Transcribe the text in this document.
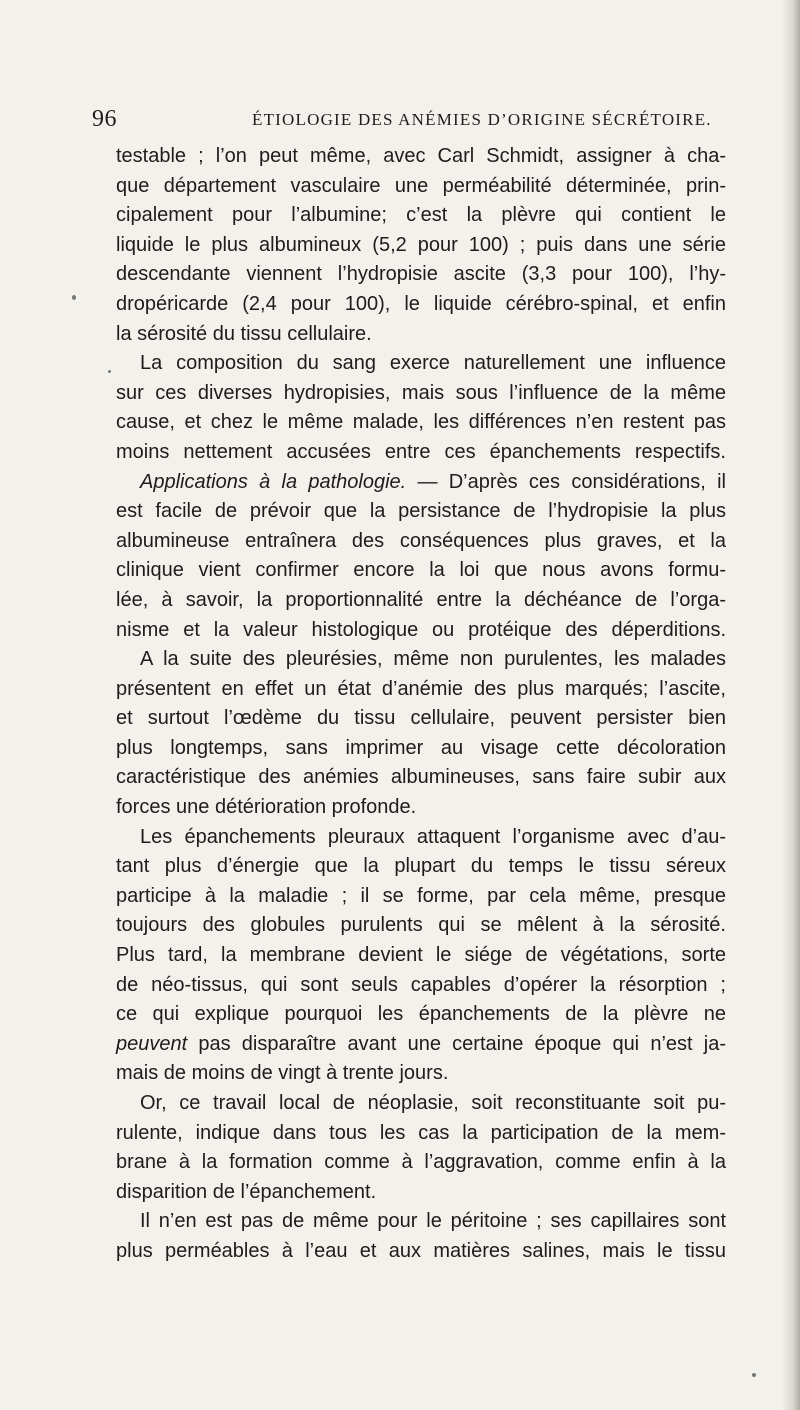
96	ÉTIOLOGIE DES ANÉMIES D’ORIGINE SÉCRÉTOIRE.
testable ; l’on peut même, avec Carl Schmidt, assigner à cha-
que département vasculaire une perméabilité déterminée, prin-
cipalement pour l’albumine; c’est la plèvre qui contient le
liquide le plus albumineux (5,2 pour 100) ; puis dans une série
descendante viennent l’hydropisie ascite (3,3 pour 100), l’hy-
dropéricarde (2,4 pour 100), le liquide cérébro-spinal, et enfin
la sérosité du tissu cellulaire.
La composition du sang exerce naturellement une influence
sur ces diverses hydropisies, mais sous l’influence de la même
cause, et chez le même malade, les différences n’en restent pas
moins nettement accusées entre ces épanchements respectifs.
Applications à la pathologie. — D’après ces considérations, il
est facile de prévoir que la persistance de l’hydropisie la plus
albumineuse entraînera des conséquences plus graves, et la
clinique vient confirmer encore la loi que nous avons formu-
lée, à savoir, la proportionnalité entre la déchéance de l’orga-
nisme et la valeur histologique ou protéique des déperditions.
A la suite des pleurésies, même non purulentes, les malades
présentent en effet un état d’anémie des plus marqués; l’ascite,
et surtout l’œdème du tissu cellulaire, peuvent persister bien
plus longtemps, sans imprimer au visage cette décoloration
caractéristique des anémies albumineuses, sans faire subir aux
forces une détérioration profonde.
Les épanchements pleuraux attaquent l’organisme avec d’au-
tant plus d’énergie que la plupart du temps le tissu séreux
participe à la maladie ; il se forme, par cela même, presque
toujours des globules purulents qui se mêlent à la sérosité.
Plus tard, la membrane devient le siége de végétations, sorte
de néo-tissus, qui sont seuls capables d’opérer la résorption ;
ce qui explique pourquoi les épanchements de la plèvre ne
peuvent pas disparaître avant une certaine époque qui n’est ja-
mais de moins de vingt à trente jours.
Or, ce travail local de néoplasie, soit reconstituante soit pu-
rulente, indique dans tous les cas la participation de la mem-
brane à la formation comme à l’aggravation, comme enfin à la
disparition de l’épanchement.
Il n’en est pas de même pour le péritoine ; ses capillaires sont
plus perméables à l’eau et aux matières salines, mais le tissu
